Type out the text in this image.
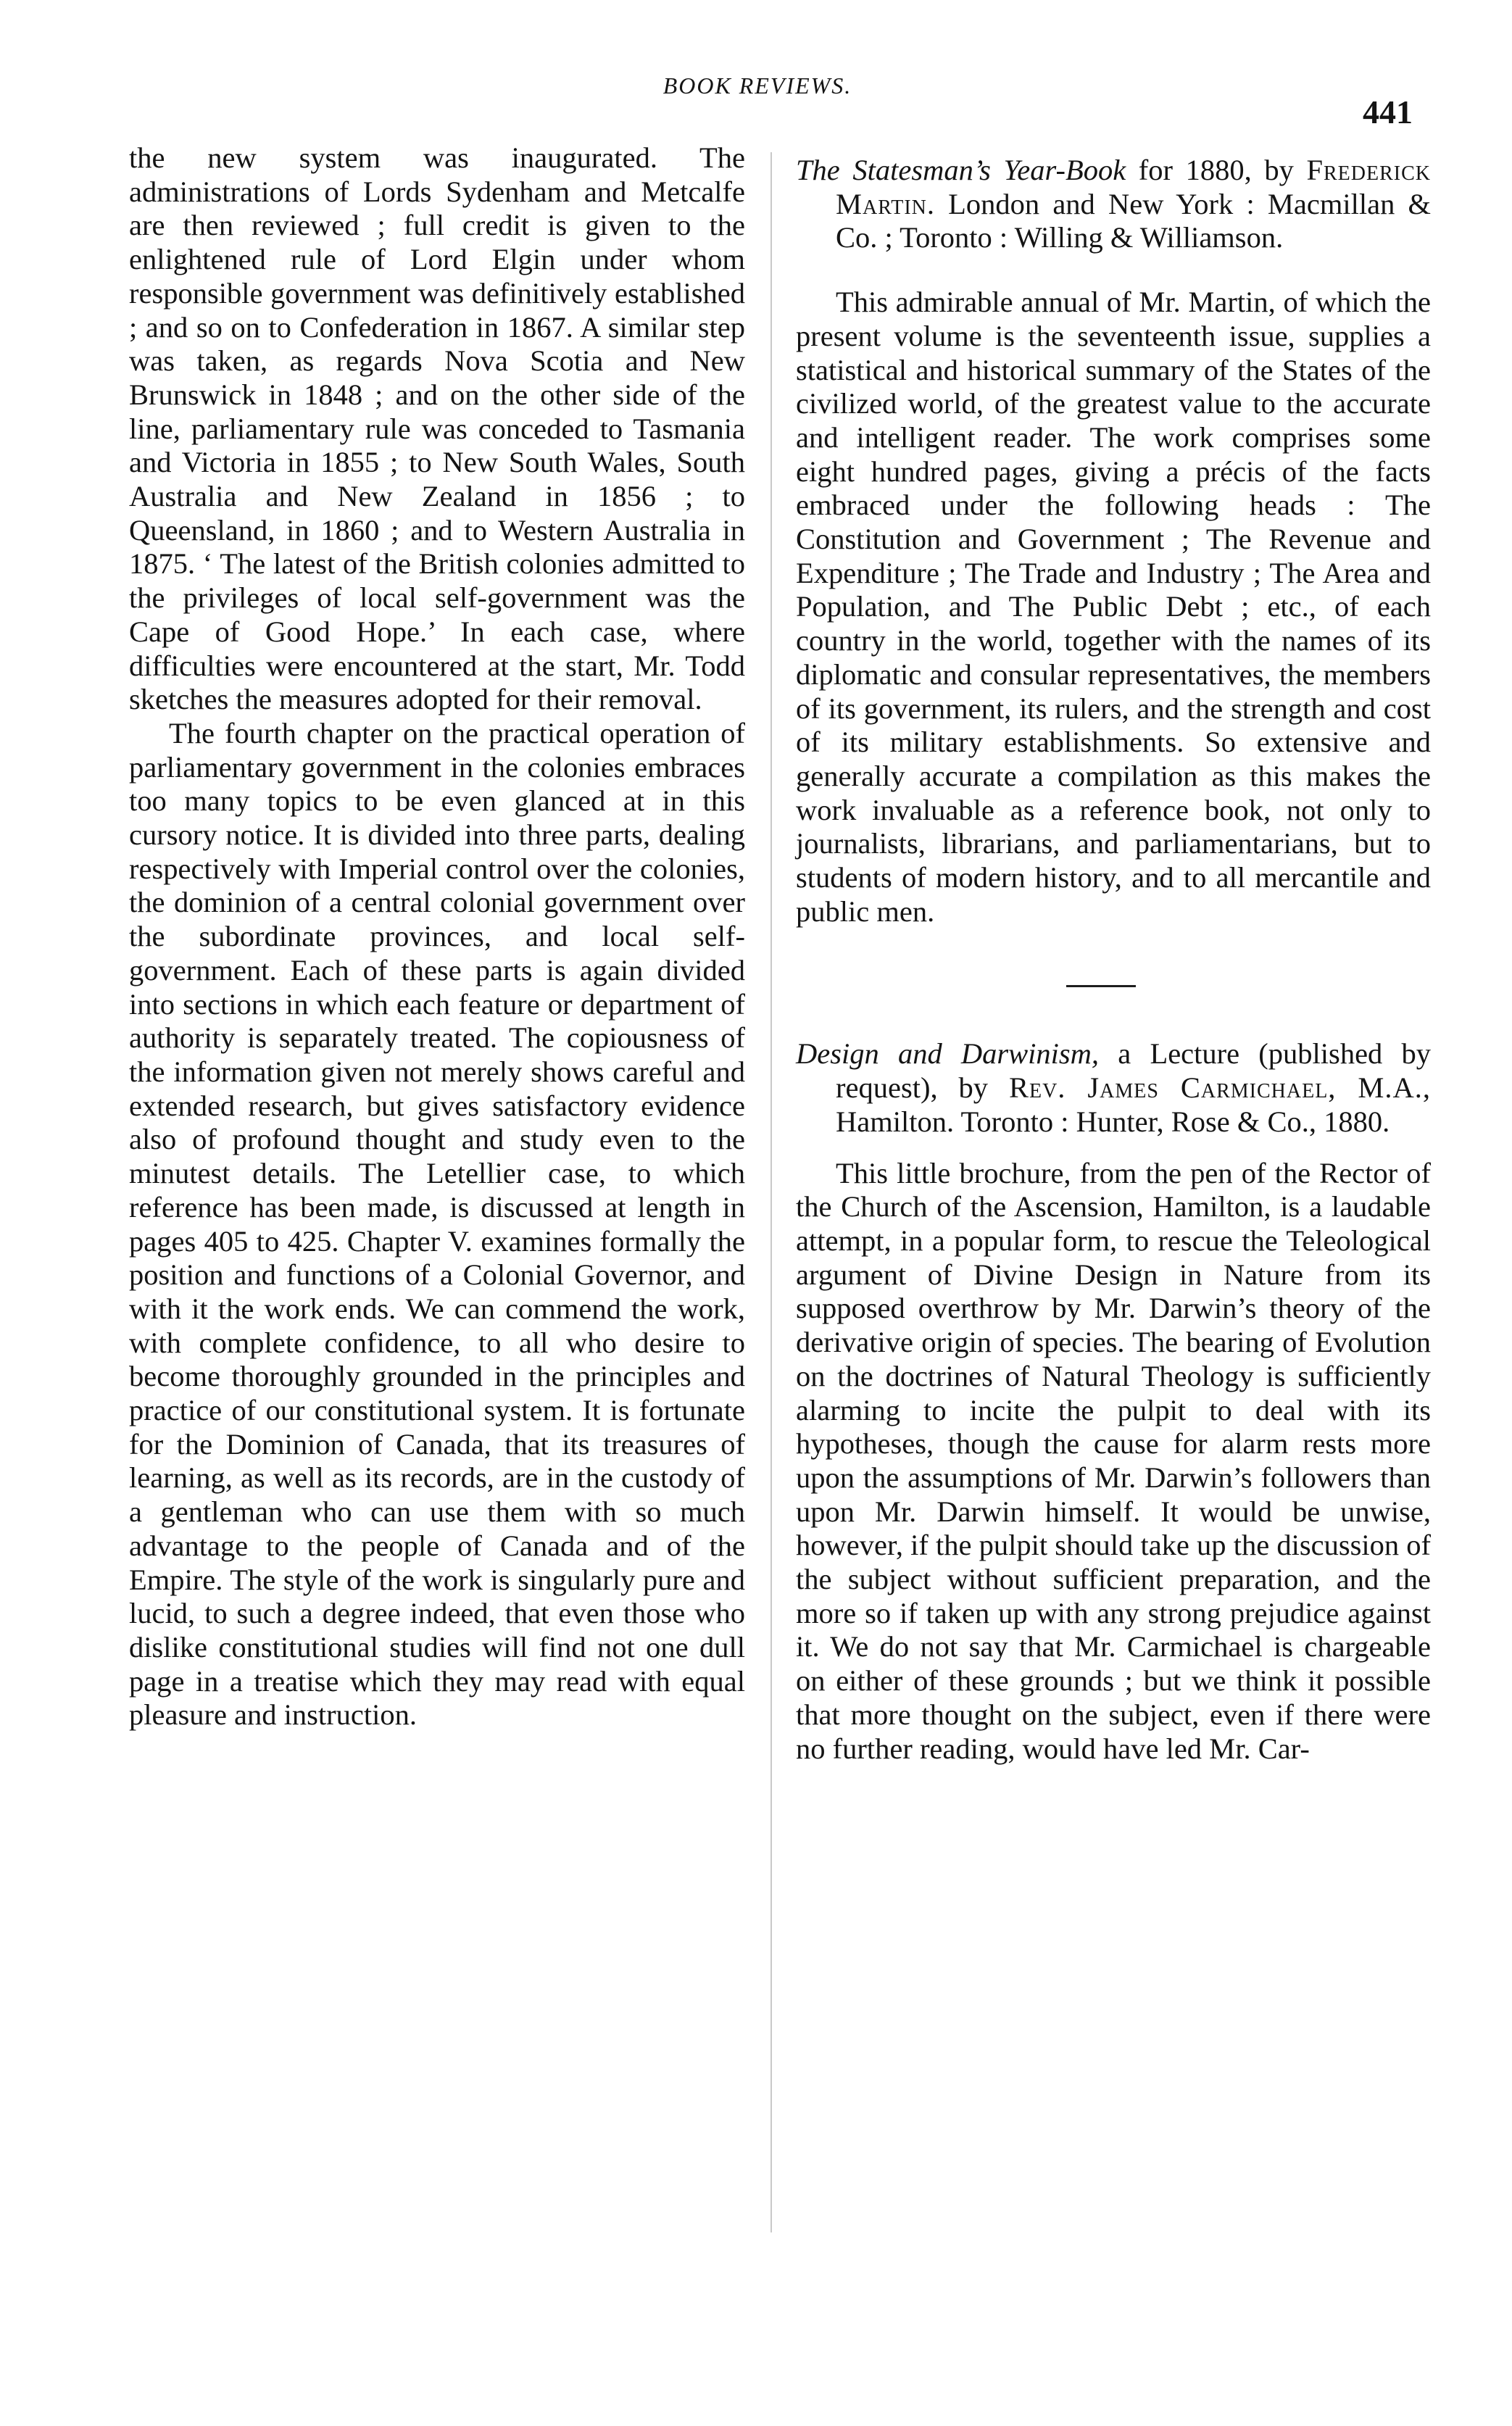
BOOK REVIEWS.
441

the new system was inaugurated. The administrations of Lords Sydenham and Metcalfe are then reviewed ; full credit is given to the enlightened rule of Lord Elgin under whom responsible government was definitively established ; and so on to Confederation in 1867. A similar step was taken, as regards Nova Scotia and New Brunswick in 1848 ; and on the other side of the line, parliamentary rule was conceded to Tasmania and Victoria in 1855 ; to New South Wales, South Australia and New Zealand in 1856 ; to Queensland, in 1860 ; and to Western Australia in 1875. ‘ The latest of the British colonies admitted to the privileges of local self-government was the Cape of Good Hope.’ In each case, where difficulties were encountered at the start, Mr. Todd sketches the measures adopted for their removal.

The fourth chapter on the practical operation of parliamentary government in the colonies embraces too many topics to be even glanced at in this cursory notice. It is divided into three parts, dealing respectively with Imperial control over the colonies, the dominion of a central colonial government over the subordinate provinces, and local self-government. Each of these parts is again divided into sections in which each feature or department of authority is separately treated. The copiousness of the information given not merely shows careful and extended research, but gives satisfactory evidence also of profound thought and study even to the minutest details. The Letellier case, to which reference has been made, is discussed at length in pages 405 to 425. Chapter V. examines formally the position and functions of a Colonial Governor, and with it the work ends. We can commend the work, with complete confidence, to all who desire to become thoroughly grounded in the principles and practice of our constitutional system. It is fortunate for the Dominion of Canada, that its treasures of learning, as well as its records, are in the custody of a gentleman who can use them with so much advantage to the people of Canada and of the Empire. The style of the work is singularly pure and lucid, to such a degree indeed, that even those who dislike constitutional studies will find not one dull page in a treatise which they may read with equal pleasure and instruction.

The Statesman’s Year-Book for 1880, by Frederick Martin. London and New York : Macmillan & Co. ; Toronto : Willing & Williamson.

This admirable annual of Mr. Martin, of which the present volume is the seventeenth issue, supplies a statistical and historical summary of the States of the civilized world, of the greatest value to the accurate and intelligent reader. The work comprises some eight hundred pages, giving a précis of the facts embraced under the following heads : The Constitution and Government ; The Revenue and Expenditure ; The Trade and Industry ; The Area and Population, and The Public Debt ; etc., of each country in the world, together with the names of its diplomatic and consular representatives, the members of its government, its rulers, and the strength and cost of its military establishments. So extensive and generally accurate a compilation as this makes the work invaluable as a reference book, not only to journalists, librarians, and parliamentarians, but to students of modern history, and to all mercantile and public men.

Design and Darwinism, a Lecture (published by request), by Rev. James Carmichael, M.A., Hamilton. Toronto : Hunter, Rose & Co., 1880.

This little brochure, from the pen of the Rector of the Church of the Ascension, Hamilton, is a laudable attempt, in a popular form, to rescue the Teleological argument of Divine Design in Nature from its supposed overthrow by Mr. Darwin’s theory of the derivative origin of species. The bearing of Evolution on the doctrines of Natural Theology is sufficiently alarming to incite the pulpit to deal with its hypotheses, though the cause for alarm rests more upon the assumptions of Mr. Darwin’s followers than upon Mr. Darwin himself. It would be unwise, however, if the pulpit should take up the discussion of the subject without sufficient preparation, and the more so if taken up with any strong prejudice against it. We do not say that Mr. Carmichael is chargeable on either of these grounds ; but we think it possible that more thought on the subject, even if there were no further reading, would have led Mr. Car-
